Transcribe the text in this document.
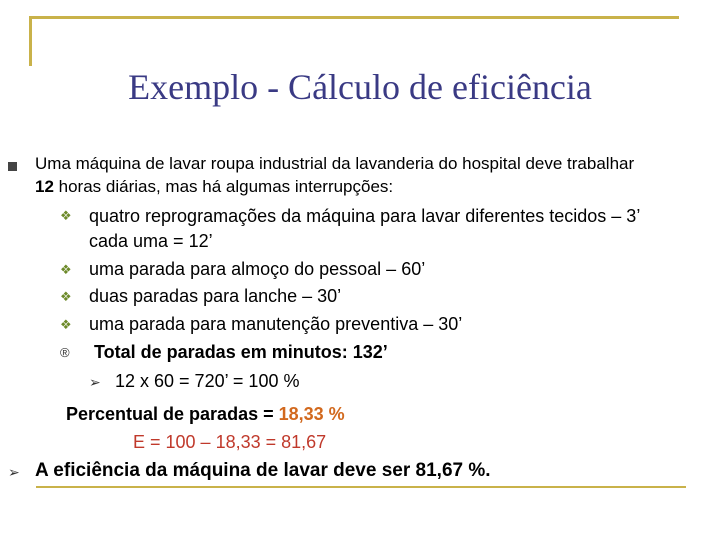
Exemplo - Cálculo de eficiência
Uma máquina de lavar roupa industrial da lavanderia do hospital deve trabalhar
12 horas diárias, mas há algumas interrupções:
❖ quatro reprogramações da máquina para lavar diferentes tecidos – 3’
cada uma = 12’
❖ uma parada para almoço do pessoal – 60’
❖ duas paradas para lanche – 30’
❖ uma parada para manutenção preventiva – 30’
® Total de paradas em minutos: 132’
➢ 12 x 60 = 720’ = 100 %
Percentual de paradas = 18,33 %
E = 100 – 18,33 = 81,67
➢ A eficiência da máquina de lavar deve ser 81,67 %.
